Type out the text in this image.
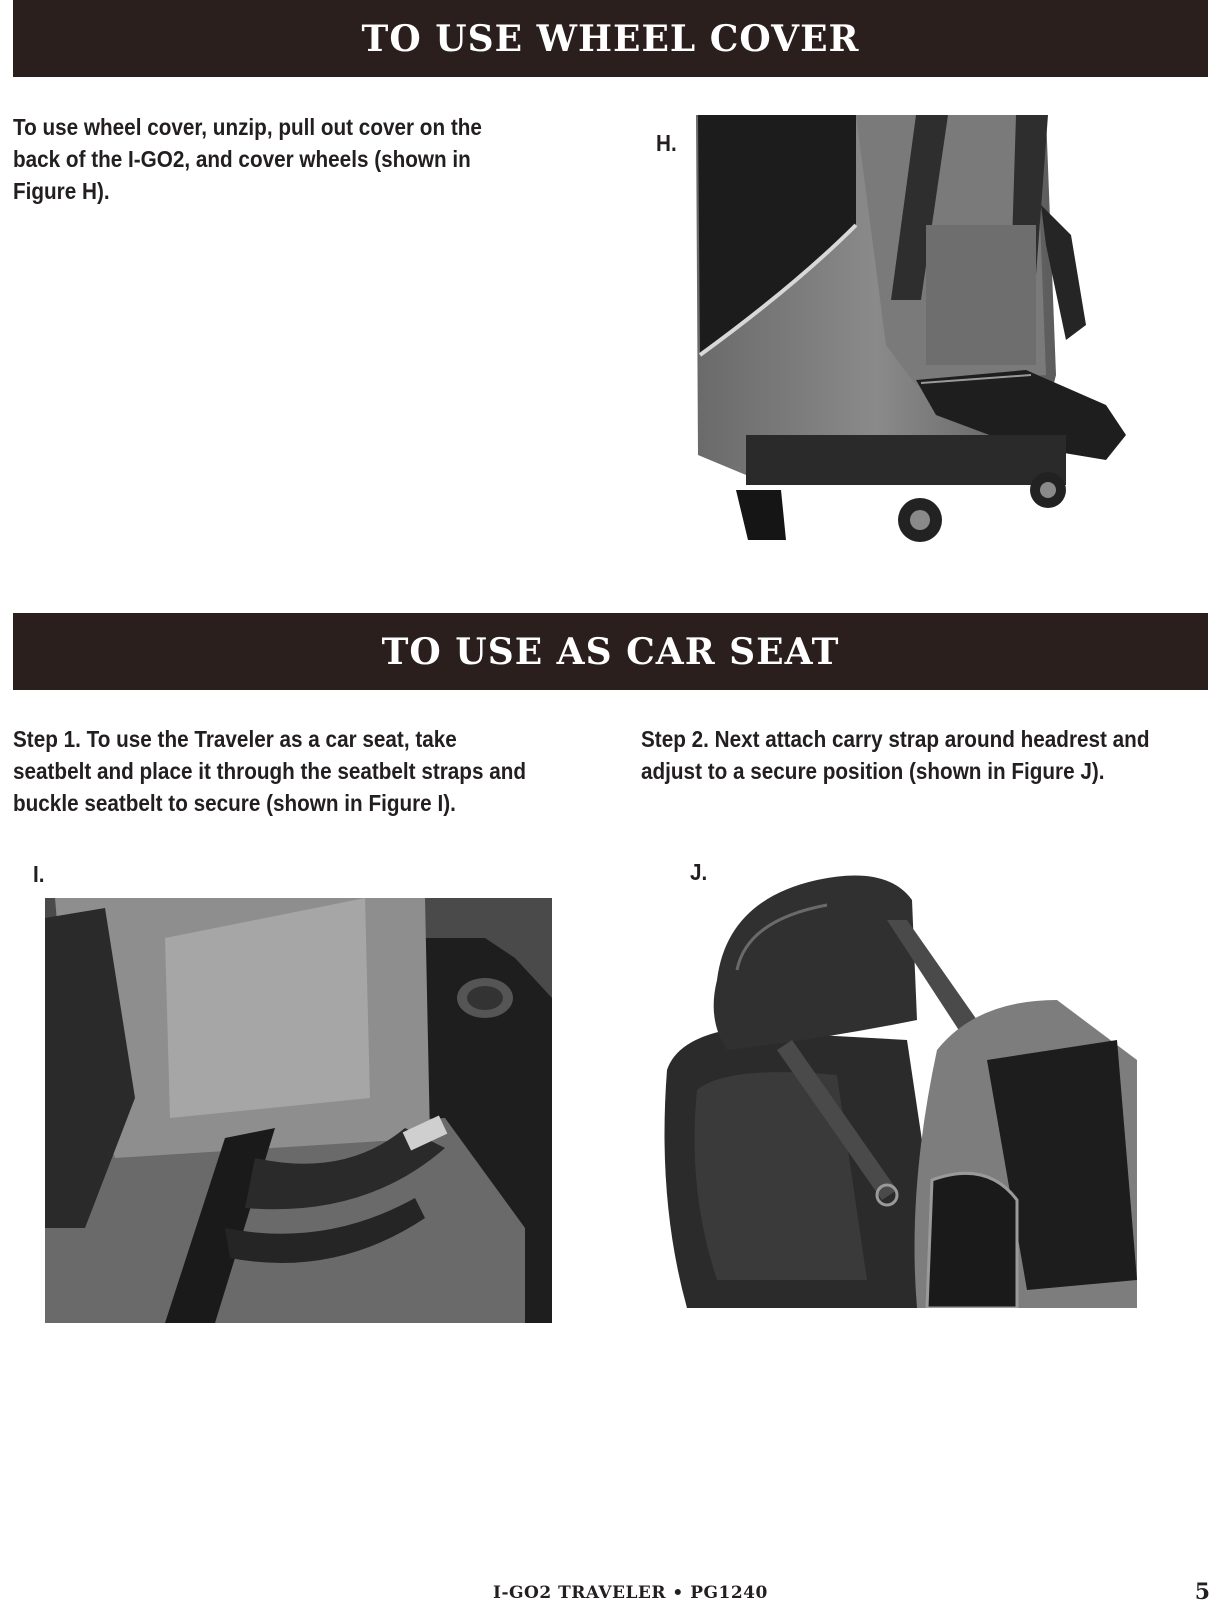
TO USE WHEEL COVER

To use wheel cover, unzip, pull out cover on the
back of the I-GO2, and cover wheels (shown in
Figure H).

H.
TO USE AS CAR SEAT

Step 1. To use the Traveler as a car seat, take
seatbelt and place it through the seatbelt straps and
buckle seatbelt to secure (shown in Figure I).

Step 2. Next attach carry strap around headrest and
adjust to a secure position (shown in Figure J).

I.	J.
I-GO2 TRAVELER • PG1240	5
